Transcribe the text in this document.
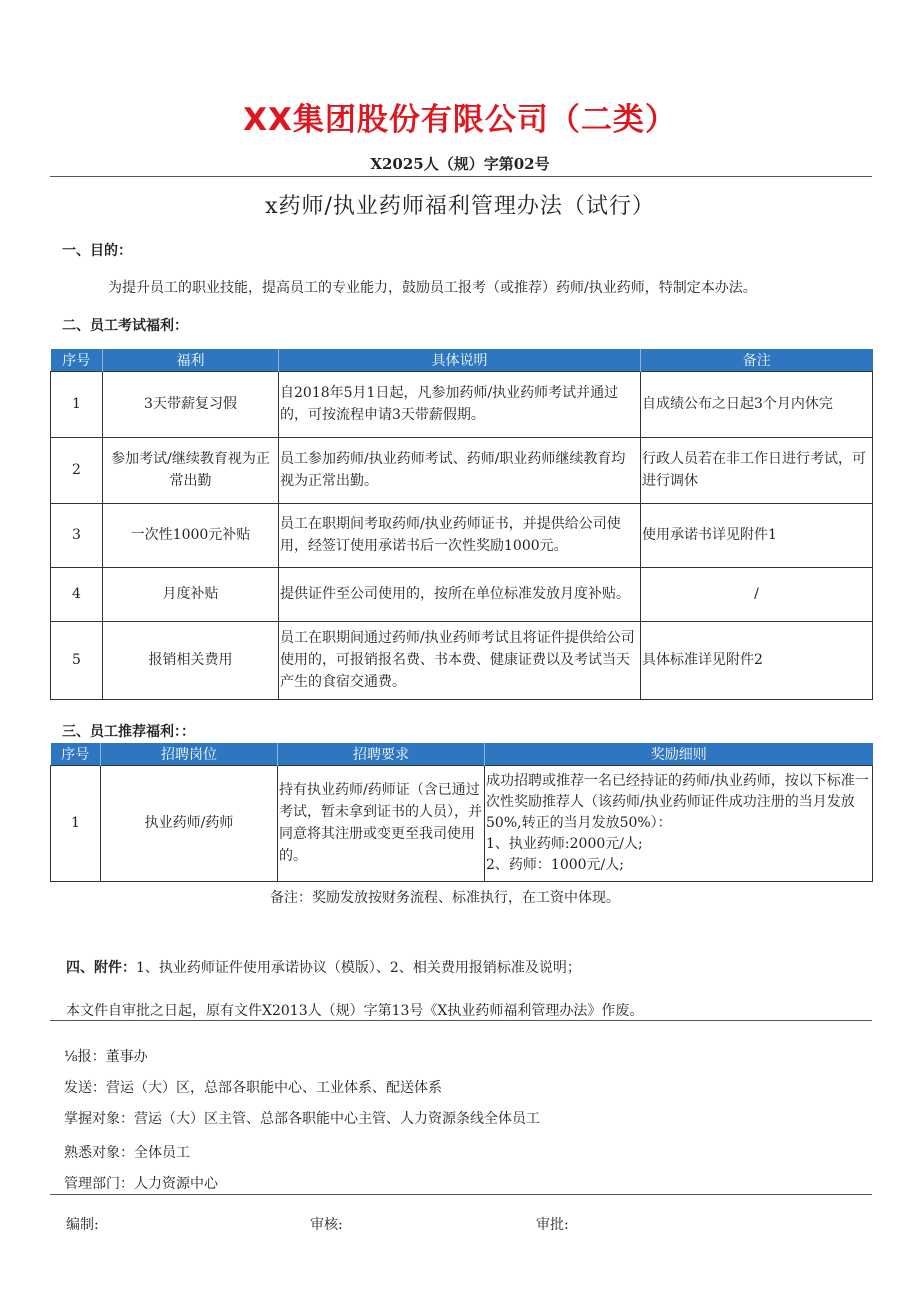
XX集团股份有限公司（二类）
X2025人（规）字第02号
x药师/执业药师福利管理办法（试行）
一、目的：
为提升员工的职业技能，提高员工的专业能力，鼓励员工报考（或推荐）药师/执业药师，特制定本办法。
二、员工考试福利：
序号	福利	具体说明	备注
1	3天带薪复习假	自2018年5月1日起，凡参加药师/执业药师考试并通过的，可按流程申请3天带薪假期。	自成绩公布之日起3个月内休完
2	参加考试/继续教育视为正常出勤	员工参加药师/执业药师考试、药师/职业药师继续教育均视为正常出勤。	行政人员若在非工作日进行考试，可进行调休
3	一次性1000元补贴	员工在职期间考取药师/执业药师证书，并提供给公司使用，经签订使用承诺书后一次性奖励1000元。	使用承诺书详见附件1
4	月度补贴	提供证件至公司使用的，按所在单位标准发放月度补贴。	/
5	报销相关费用	员工在职期间通过药师/执业药师考试且将证件提供给公司使用的，可报销报名费、书本费、健康证费以及考试当天产生的食宿交通费。	具体标准详见附件2
三、员工推荐福利：：
序号	招聘岗位	招聘要求	奖励细则
1	执业药师/药师	持有执业药师/药师证（含已通过考试，暂未拿到证书的人员），并同意将其注册或变更至我司使用的。	成功招聘或推荐一名已经持证的药师/执业药师，按以下标准一次性奖励推荐人（该药师/执业药师证件成功注册的当月发放50%,转正的当月发放50%）：
1、执业药师:2000元/人;
2、药师：1000元/人;
备注：奖励发放按财务流程、标准执行，在工资中体现。
四、附件：1、执业药师证件使用承诺协议（模版）、2、相关费用报销标准及说明；
本文件自审批之日起，原有文件X2013人（规）字第13号《X执业药师福利管理办法》作废。
⅛报：董事办
发送：营运（大）区，总部各职能中心、工业体系、配送体系
掌握对象：营运（大）区主管、总部各职能中心主管、人力资源条线全体员工
熟悉对象：全体员工
管理部门：人力资源中心
编制:	审核:	审批:
